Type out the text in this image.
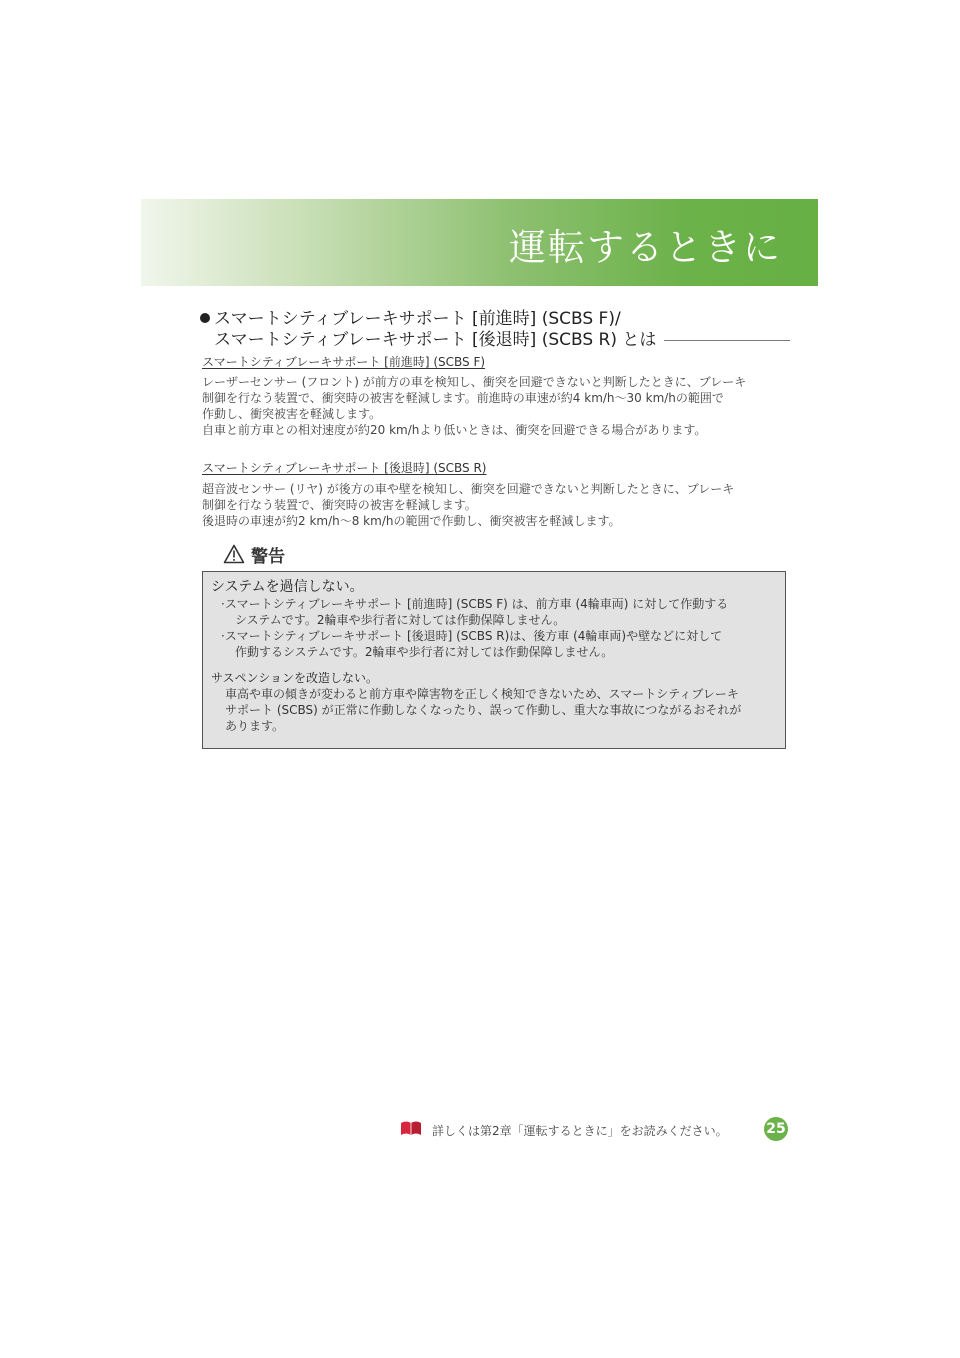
運転するときに
スマートシティブレーキサポート [前進時] (SCBS F)/
スマートシティブレーキサポート [後退時] (SCBS R) とは
スマートシティブレーキサポート [前進時] (SCBS F)

レーザーセンサー (フロント) が前方の車を検知し、衝突を回避できないと判断したときに、ブレーキ

制御を行なう装置で、衝突時の被害を軽減します。前進時の車速が約4 km/h～30 km/hの範囲で

作動し、衝突被害を軽減します。

自車と前方車との相対速度が約20 km/hより低いときは、衝突を回避できる場合があります。

スマートシティブレーキサポート [後退時] (SCBS R)

超音波センサー (リヤ) が後方の車や壁を検知し、衝突を回避できないと判断したときに、ブレーキ

制御を行なう装置で、衝突時の被害を軽減します。

後退時の車速が約2 km/h～8 km/hの範囲で作動し、衝突被害を軽減します。

警告
システムを過信しない。

·スマートシティブレーキサポート [前進時] (SCBS F) は、前方車 (4輪車両) に対して作動する
システムです。2輪車や歩行者に対しては作動保障しません。

·スマートシティブレーキサポート [後退時] (SCBS R)は、後方車 (4輪車両)や壁などに対して
作動するシステムです。2輪車や歩行者に対しては作動保障しません。

サスペンションを改造しない。

車高や車の傾きが変わると前方車や障害物を正しく検知できないため、スマートシティブレーキ

サポート (SCBS) が正常に作動しなくなったり、誤って作動し、重大な事故につながるおそれが

あります。

詳しくは第2章「運転するときに」をお読みください。	25
